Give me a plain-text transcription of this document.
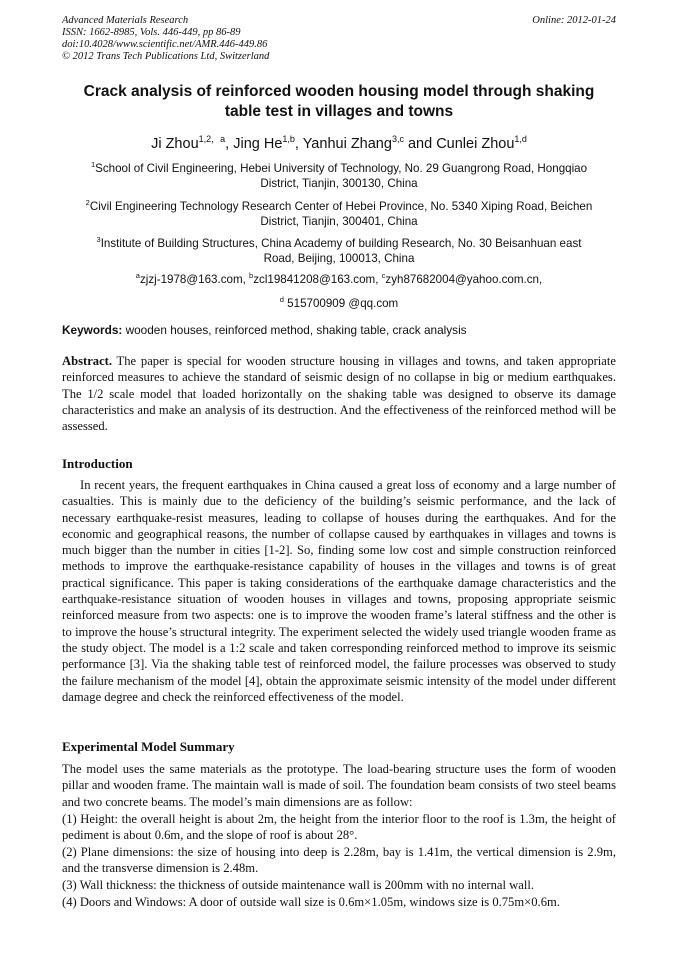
Advanced Materials Research
ISSN: 1662-8985, Vols. 446-449, pp 86-89
doi:10.4028/www.scientific.net/AMR.446-449.86
© 2012 Trans Tech Publications Ltd, Switzerland
Online: 2012-01-24
Crack analysis of reinforced wooden housing model through shaking
table test in villages and towns
Ji Zhou$^{1,2,a}$, Jing He$^{1,b}$, Yanhui Zhang$^{3,c}$ and Cunlei Zhou$^{1,d}$
$^1$School of Civil Engineering, Hebei University of Technology, No. 29 Guangrong Road, Hongqiao
District, Tianjin, 300130, China
$^2$Civil Engineering Technology Research Center of Hebei Province, No. 5340 Xiping Road, Beichen
District, Tianjin, 300401, China
$^3$Institute of Building Structures, China Academy of building Research, No. 30 Beisanhuan east
Road, Beijing, 100013, China
$^a$zjzj-1978@163.com, $^b$zcl19841208@163.com, $^c$zyh87682004@yahoo.com.cn,
$^d$ 515700909 @qq.com
Keywords: wooden houses, reinforced method, shaking table, crack analysis
Abstract. The paper is special for wooden structure housing in villages and towns, and taken appropriate reinforced measures to achieve the standard of seismic design of no collapse in big or medium earthquakes. The 1/2 scale model that loaded horizontally on the shaking table was designed to observe its damage characteristics and make an analysis of its destruction. And the effectiveness of the reinforced method will be assessed.
Introduction
In recent years, the frequent earthquakes in China caused a great loss of economy and a large number of casualties. This is mainly due to the deficiency of the building’s seismic performance, and the lack of necessary earthquake-resist measures, leading to collapse of houses during the earthquakes. And for the economic and geographical reasons, the number of collapse caused by earthquakes in villages and towns is much bigger than the number in cities [1-2]. So, finding some low cost and simple construction reinforced methods to improve the earthquake-resistance capability of houses in the villages and towns is of great practical significance. This paper is taking considerations of the earthquake damage characteristics and the earthquake-resistance situation of wooden houses in villages and towns, proposing appropriate seismic reinforced measure from two aspects: one is to improve the wooden frame’s lateral stiffness and the other is to improve the house’s structural integrity. The experiment selected the widely used triangle wooden frame as the study object. The model is a 1:2 scale and taken corresponding reinforced method to improve its seismic performance [3]. Via the shaking table test of reinforced model, the failure processes was observed to study the failure mechanism of the model [4], obtain the approximate seismic intensity of the model under different damage degree and check the reinforced effectiveness of the model.
Experimental Model Summary
The model uses the same materials as the prototype. The load-bearing structure uses the form of wooden pillar and wooden frame. The maintain wall is made of soil. The foundation beam consists of two steel beams and two concrete beams. The model’s main dimensions are as follow:
(1) Height: the overall height is about 2m, the height from the interior floor to the roof is 1.3m, the height of pediment is about 0.6m, and the slope of roof is about 28°.
(2) Plane dimensions: the size of housing into deep is 2.28m, bay is 1.41m, the vertical dimension is 2.9m, and the transverse dimension is 2.48m.
(3) Wall thickness: the thickness of outside maintenance wall is 200mm with no internal wall.
(4) Doors and Windows: A door of outside wall size is 0.6m×1.05m, windows size is 0.75m×0.6m.
